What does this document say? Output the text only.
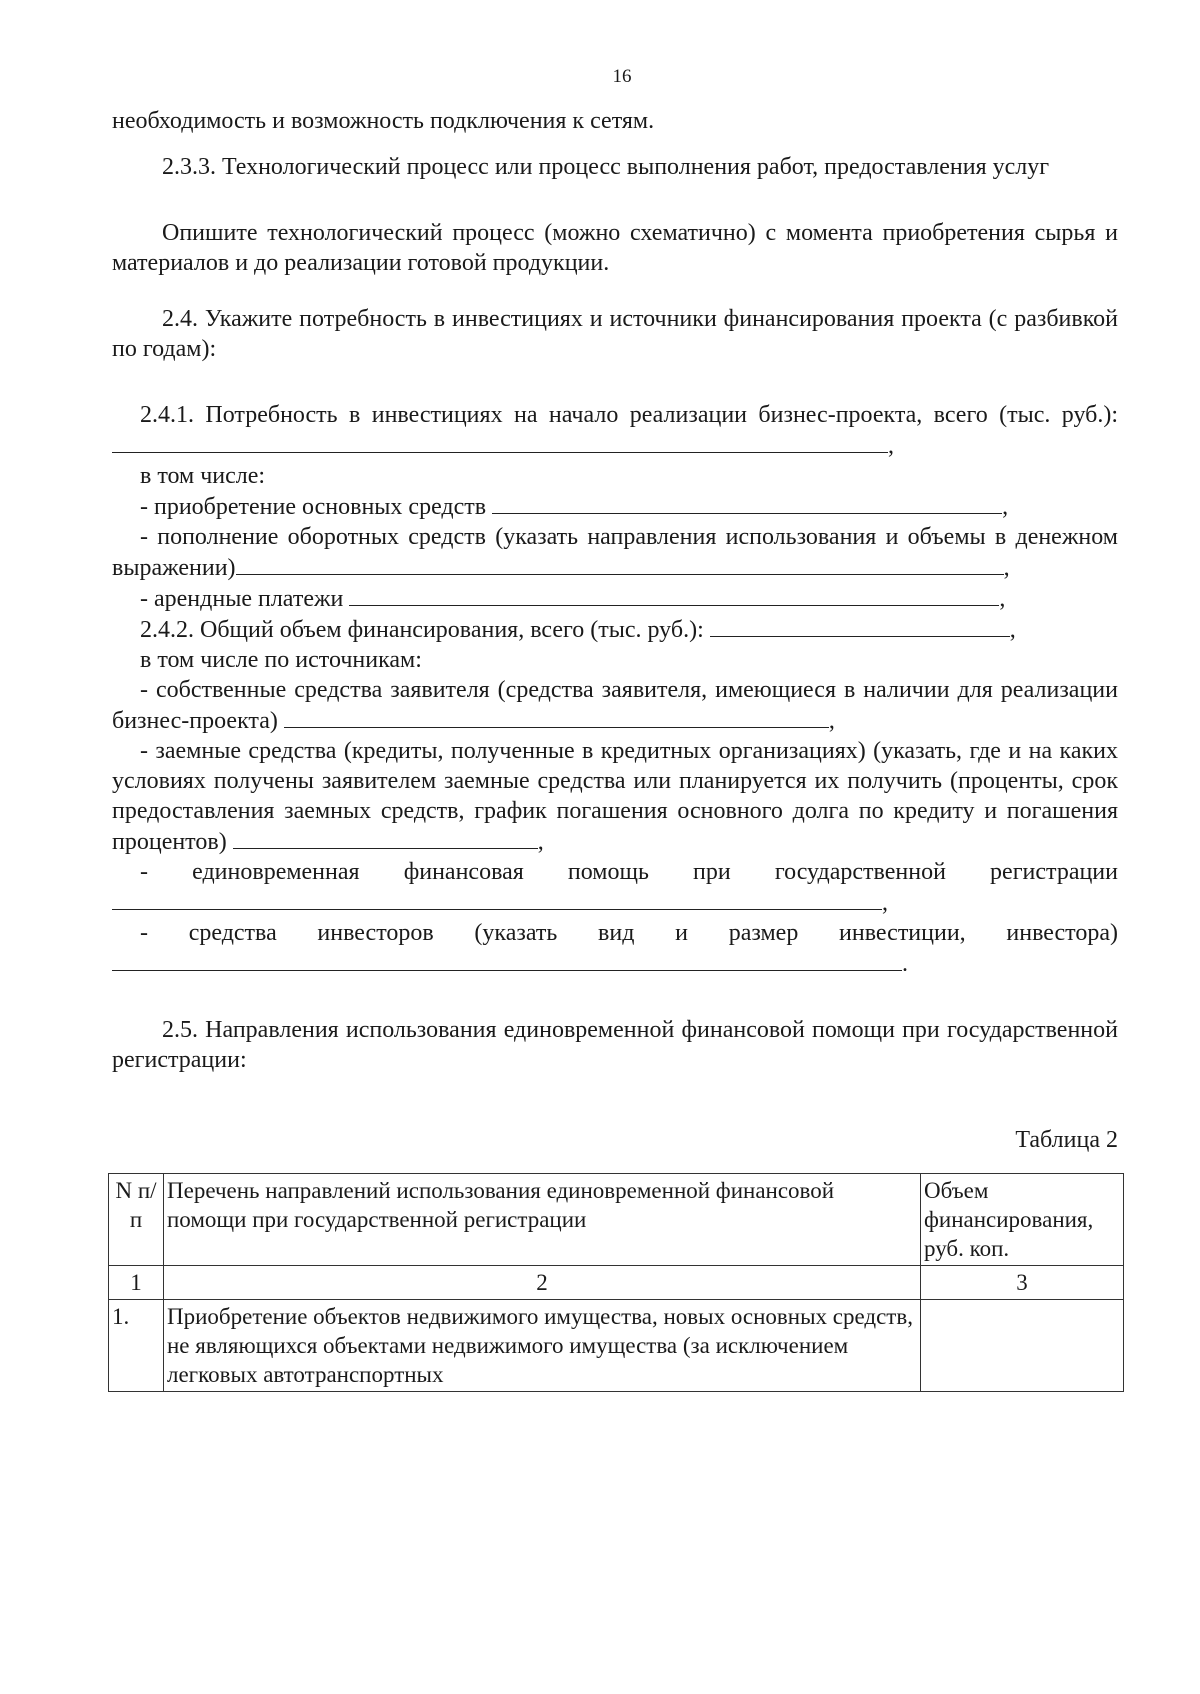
16

необходимость и возможность подключения к сетям.

2.3.3. Технологический процесс или процесс выполнения работ, предоставления услуг

Опишите технологический процесс (можно схематично) с момента приобретения сырья и материалов и до реализации готовой продукции.

2.4. Укажите потребность в инвестициях и источники финансирования проекта (с разбивкой по годам):

2.4.1. Потребность в инвестициях на начало реализации бизнес-проекта, всего (тыс. руб.): ,

в том числе:

- приобретение основных средств	,

- пополнение оборотных средств (указать направления использования и объемы в денежном выражении)	,

- арендные платежи	,

2.4.2. Общий объем финансирования, всего (тыс. руб.):	,

в том числе по источникам:

- собственные средства заявителя (средства заявителя, имеющиеся в наличии для реализации бизнес-проекта)	,

- заемные средства (кредиты, полученные в кредитных организациях) (указать, где и на каких условиях получены заявителем заемные средства или планируется их получить (проценты, срок предоставления заемных средств, график погашения основного долга по кредиту и погашения процентов)	,

- единовременная финансовая помощь при государственной регистрации,

- средства инвесторов (указать вид и размер инвестиции, инвестора).

2.5. Направления использования единовременной финансовой помощи при государственной регистрации:

Таблица 2
N п/п	Перечень направлений использования единовременной финансовой помощи при государственной регистрации	Объем финансирования, руб. коп.
1	2	3
1.	Приобретение объектов недвижимого имущества, новых основных средств, не являющихся объектами недвижимого имущества (за исключением легковых автотранспортных	
